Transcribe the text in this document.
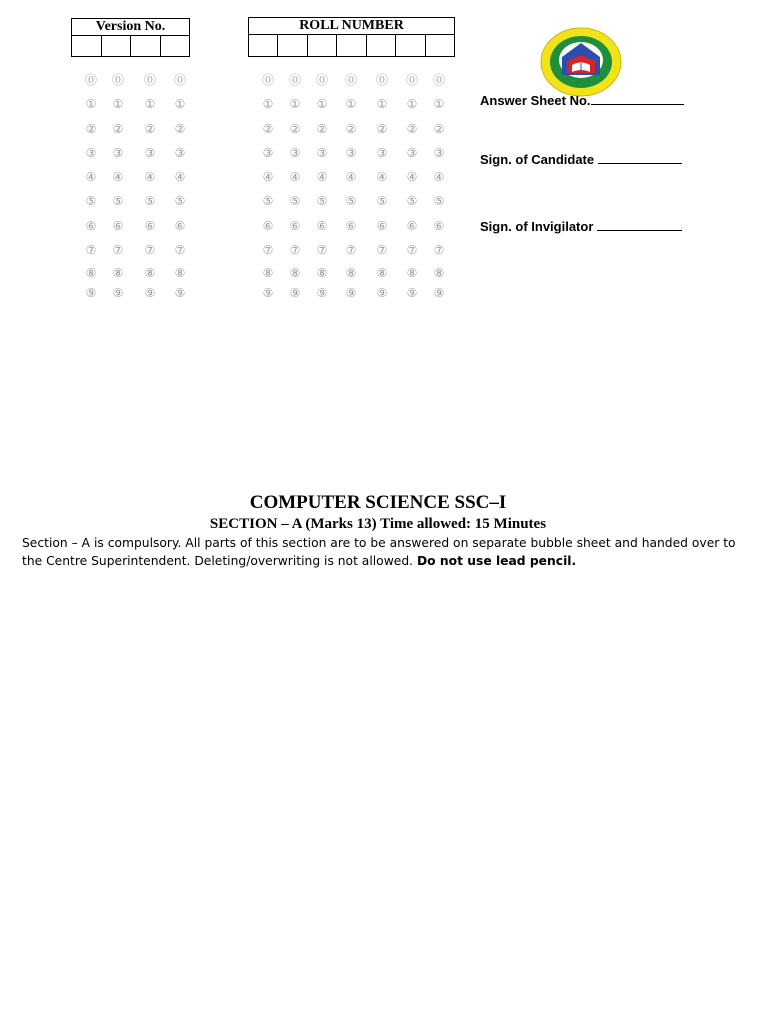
Version No.	ROLL NUMBER
⓪
①
②
③
④
⑤
⑥
⑦
⑧
⑨
⓪
①
②
③
④
⑤
⑥
⑦
⑧
⑨
⓪
①
②
③
④
⑤
⑥
⑦
⑧
⑨
⓪
①
②
③
④
⑤
⑥
⑦
⑧
⑨
⓪
①
②
③
④
⑤
⑥
⑦
⑧
⑨
⓪
①
②
③
④
⑤
⑥
⑦
⑧
⑨
⓪
①
②
③
④
⑤
⑥
⑦
⑧
⑨
⓪
①
②
③
④
⑤
⑥
⑦
⑧
⑨
⓪
①
②
③
④
⑤
⑥
⑦
⑧
⑨
⓪
①
②
③
④
⑤
⑥
⑦
⑧
⑨
⓪
①
②
③
④
⑤
⑥
⑦
⑧
⑨
Answer Sheet No.
Sign. of Candidate
Sign. of Invigilator
COMPUTER SCIENCE SSC–I
SECTION – A (Marks 13) Time allowed: 15 Minutes
Section – A is compulsory. All parts of this section are to be answered on separate bubble sheet and handed over to the Centre Superintendent. Deleting/overwriting is not allowed. Do not use lead pencil.
